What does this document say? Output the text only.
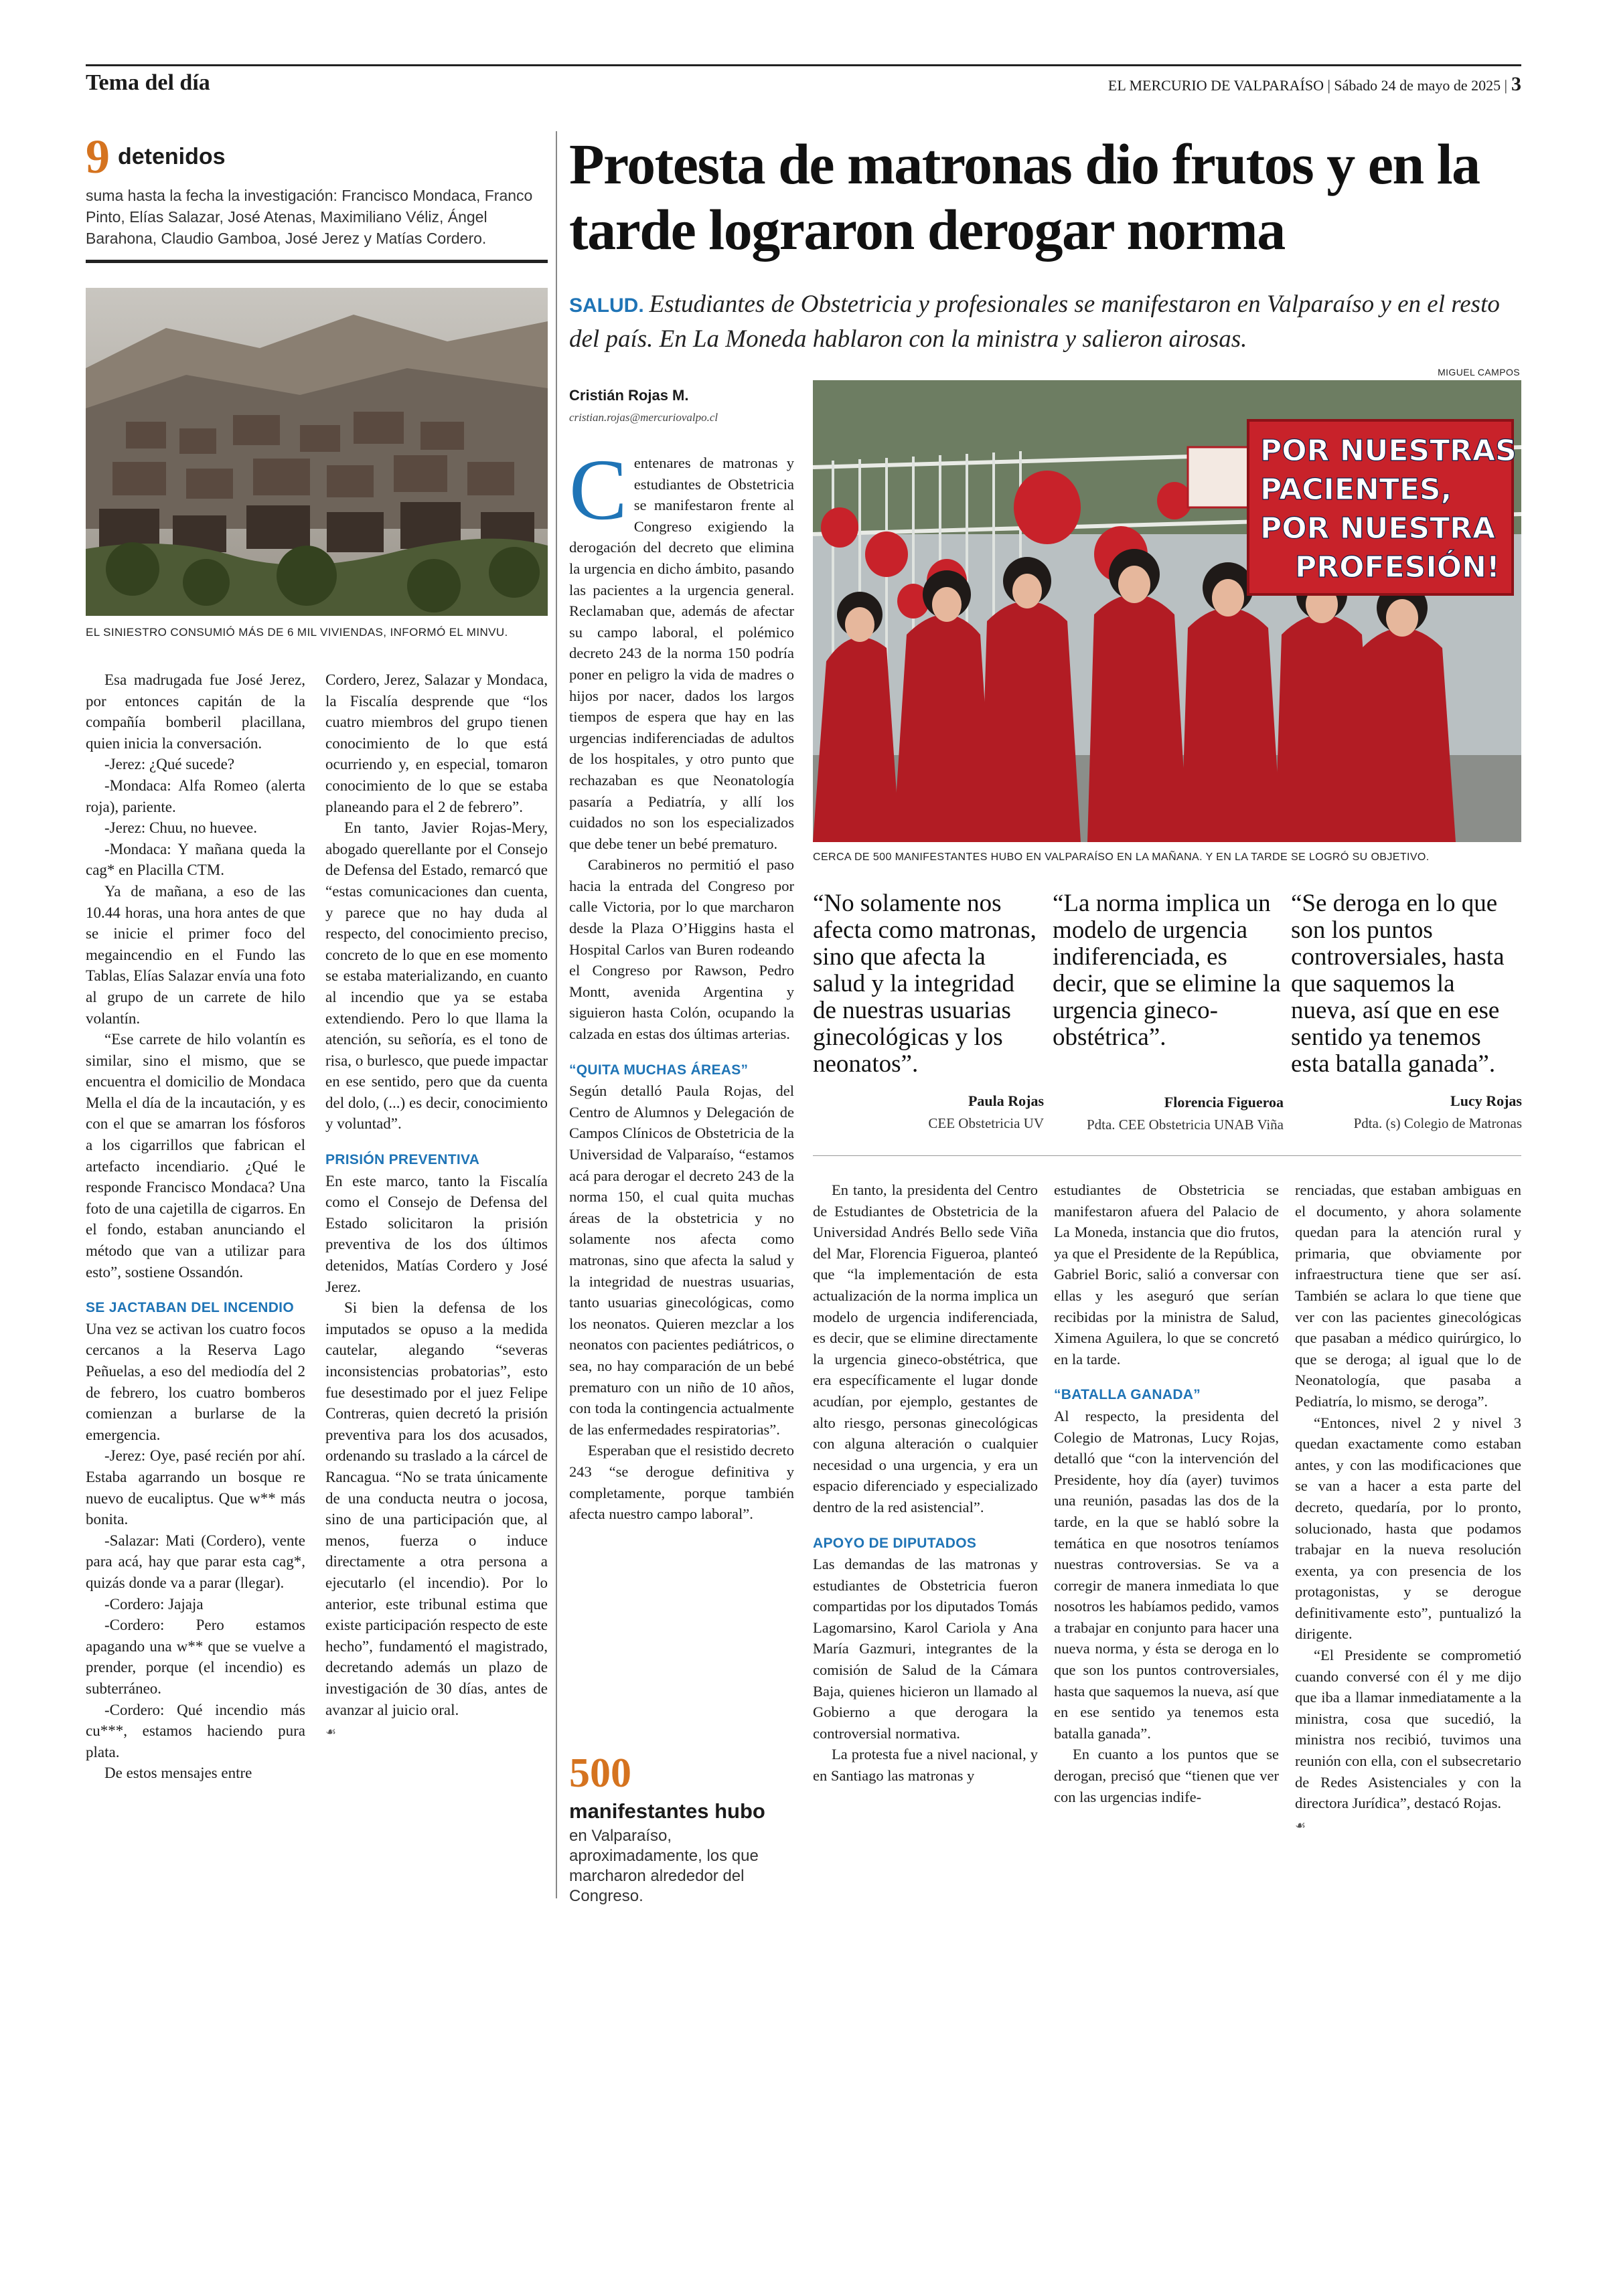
Tema del día	EL MERCURIO DE VALPARAÍSO | Sábado 24 de mayo de 2025 | 3
9 detenidos
suma hasta la fecha la investigación: Francisco Mondaca, Franco Pinto, Elías Salazar, José Atenas, Maximiliano Véliz, Ángel Barahona, Claudio Gamboa, José Jerez y Matías Cordero.
EL SINIESTRO CONSUMIÓ MÁS DE 6 MIL VIVIENDAS, INFORMÓ EL MINVU.

Esa madrugada fue José Jerez, por entonces capitán de la compañía bomberil placillana, quien inicia la conversación.

-Jerez: ¿Qué sucede?

-Mondaca: Alfa Romeo (alerta roja), pariente.

-Jerez: Chuu, no huevee.

-Mondaca: Y mañana queda la cag* en Placilla CTM.

Ya de mañana, a eso de las 10.44 horas, una hora antes de que se inicie el primer foco del megaincendio en el Fundo las Tablas, Elías Salazar envía una foto al grupo de un carrete de hilo volantín.

“Ese carrete de hilo volantín es similar, sino el mismo, que se encuentra el domicilio de Mondaca Mella el día de la incautación, y es con el que se amarran los fósforos a los cigarrillos que fabrican el artefacto incendiario. ¿Qué le responde Francisco Mondaca? Una foto de una cajetilla de cigarros. En el fondo, estaban anunciando el método que van a utilizar para esto”, sostiene Ossandón.

SE JACTABAN DEL INCENDIO

Una vez se activan los cuatro focos cercanos a la Reserva Lago Peñuelas, a eso del mediodía del 2 de febrero, los cuatro bomberos comienzan a burlarse de la emergencia.

-Jerez: Oye, pasé recién por ahí. Estaba agarrando un bosque re nuevo de eucaliptus. Que w** más bonita.

-Salazar: Mati (Cordero), vente para acá, hay que parar esta cag*, quizás donde va a parar (llegar).

-Cordero: Jajaja

-Cordero: Pero estamos apagando una w** que se vuelve a prender, porque (el incendio) es subterráneo.

-Cordero: Qué incendio más cu***, estamos haciendo pura plata.

De estos mensajes entre

Cordero, Jerez, Salazar y Mondaca, la Fiscalía desprende que “los cuatro miembros del grupo tienen conocimiento de lo que está ocurriendo y, en especial, tomaron conocimiento de lo que se estaba planeando para el 2 de febrero”.

En tanto, Javier Rojas-Mery, abogado querellante por el Consejo de Defensa del Estado, remarcó que “estas comunicaciones dan cuenta, y parece que no hay duda al respecto, del conocimiento preciso, concreto de lo que en ese momento se estaba materializando, en cuanto al incendio que ya se estaba extendiendo. Pero lo que llama la atención, su señoría, es el tono de risa, o burlesco, que puede impactar en ese sentido, pero que da cuenta del dolo, (...) es decir, conocimiento y voluntad”.

PRISIÓN PREVENTIVA

En este marco, tanto la Fiscalía como el Consejo de Defensa del Estado solicitaron la prisión preventiva de los dos últimos detenidos, Matías Cordero y José Jerez.

Si bien la defensa de los imputados se opuso a la medida cautelar, alegando “severas inconsistencias probatorias”, esto fue desestimado por el juez Felipe Contreras, quien decretó la prisión preventiva para los dos acusados, ordenando su traslado a la cárcel de Rancagua. “No se trata únicamente de una conducta neutra o jocosa, sino de una participación que, al menos, fuerza o induce directamente a otra persona a ejecutarlo (el incendio). Por lo anterior, este tribunal estima que existe participación respecto de este hecho”, fundamentó el magistrado, decretando además un plazo de investigación de 30 días, antes de avanzar al juicio oral.

☙
Protesta de matronas dio frutos y en la tarde lograron derogar norma
SALUD. Estudiantes de Obstetricia y profesionales se manifestaron en Valparaíso y en el resto del país. En La Moneda hablaron con la ministra y salieron airosas.
Cristián Rojas M.
cristian.rojas@mercuriovalpo.cl
MIGUEL CAMPOS
POR NUESTRAS
PACIENTES,
POR NUESTRA
PROFESIÓN!
CERCA DE 500 MANIFESTANTES HUBO EN VALPARAÍSO EN LA MAÑANA. Y EN LA TARDE SE LOGRÓ SU OBJETIVO.

Centenares de matronas y estudiantes de Obstetricia se manifestaron frente al Congreso exigiendo la derogación del decreto que elimina la urgencia en dicho ámbito, pasando las pacientes a la urgencia general. Reclamaban que, además de afectar su campo laboral, el polémico decreto 243 de la norma 150 podría poner en peligro la vida de madres o hijos por nacer, dados los largos tiempos de espera que hay en las urgencias indiferenciadas de adultos de los hospitales, y otro punto que rechazaban es que Neonatología pasaría a Pediatría, y allí los cuidados no son los especializados que debe tener un bebé prematuro.

Carabineros no permitió el paso hacia la entrada del Congreso por calle Victoria, por lo que marcharon desde la Plaza O’Higgins hasta el Hospital Carlos van Buren rodeando el Congreso por Rawson, Pedro Montt, avenida Argentina y siguieron hasta Colón, ocupando la calzada en estas dos últimas arterias.

“QUITA MUCHAS ÁREAS”

Según detalló Paula Rojas, del Centro de Alumnos y Delegación de Campos Clínicos de Obstetricia de la Universidad de Valparaíso, “estamos acá para derogar el decreto 243 de la norma 150, el cual quita muchas áreas de la obstetricia y no solamente nos afecta como matronas, sino que afecta la salud y la integridad de nuestras usuarias, tanto usuarias ginecológicas, como los neonatos. Quieren mezclar a los neonatos con pacientes pediátricos, o sea, no hay comparación de un bebé prematuro con un niño de 10 años, con toda la contingencia actualmente de las enfermedades respiratorias”.

Esperaban que el resistido decreto 243 “se derogue definitiva y completamente, porque también afecta nuestro campo laboral”.

“No solamente nos afecta como matronas, sino que afecta la salud y la integridad de nuestras usuarias ginecológicas y los neonatos”.
Paula Rojas
CEE Obstetricia UV
“La norma implica un modelo de urgencia indiferenciada, es decir, que se elimine la urgencia gineco-obstétrica”.
Florencia Figueroa
Pdta. CEE Obstetricia UNAB Viña
“Se deroga en lo que son los puntos controversiales, hasta que saquemos la nueva, así que en ese sentido ya tenemos esta batalla ganada”.
Lucy Rojas
Pdta. (s) Colegio de Matronas

En tanto, la presidenta del Centro de Estudiantes de Obstetricia de la Universidad Andrés Bello sede Viña del Mar, Florencia Figueroa, planteó que “la implementación de esta actualización de la norma implica un modelo de urgencia indiferenciada, es decir, que se elimine directamente la urgencia gineco-obstétrica, que era específicamente el lugar donde acudían, por ejemplo, gestantes de alto riesgo, personas ginecológicas con alguna alteración o cualquier necesidad o una urgencia, y era un espacio diferenciado y especializado dentro de la red asistencial”.

APOYO DE DIPUTADOS

Las demandas de las matronas y estudiantes de Obstetricia fueron compartidas por los diputados Tomás Lagomarsino, Karol Cariola y Ana María Gazmuri, integrantes de la comisión de Salud de la Cámara Baja, quienes hicieron un llamado al Gobierno a que derogara la controversial normativa.

La protesta fue a nivel nacional, y en Santiago las matronas y

estudiantes de Obstetricia se manifestaron afuera del Palacio de La Moneda, instancia que dio frutos, ya que el Presidente de la República, Gabriel Boric, salió a conversar con ellas y les aseguró que serían recibidas por la ministra de Salud, Ximena Aguilera, lo que se concretó en la tarde.

“BATALLA GANADA”

Al respecto, la presidenta del Colegio de Matronas, Lucy Rojas, detalló que “con la intervención del Presidente, hoy día (ayer) tuvimos una reunión, pasadas las dos de la tarde, en la que se habló sobre la temática en que nosotros teníamos nuestras controversias. Se va a corregir de manera inmediata lo que nosotros les habíamos pedido, vamos a trabajar en conjunto para hacer una nueva norma, y ésta se deroga en lo que son los puntos controversiales, hasta que saquemos la nueva, así que en ese sentido ya tenemos esta batalla ganada”.

En cuanto a los puntos que se derogan, precisó que “tienen que ver con las urgencias indife-

renciadas, que estaban ambiguas en el documento, y ahora solamente quedan para la atención rural y primaria, que obviamente por infraestructura tiene que ser así. También se aclara lo que tiene que ver con las pacientes ginecológicas que pasaban a médico quirúrgico, lo que se deroga; al igual que lo de Neonatología, que pasaba a Pediatría, lo mismo, se deroga”.

“Entonces, nivel 2 y nivel 3 quedan exactamente como estaban antes, y con las modificaciones que se van a hacer a esta parte del decreto, quedaría, por lo pronto, solucionado, hasta que podamos trabajar en la nueva resolución exenta, ya con presencia de los protagonistas, y se derogue definitivamente esto”, puntualizó la dirigente.

“El Presidente se comprometió cuando conversé con él y me dijo que iba a llamar inmediatamente a la ministra, cosa que sucedió, la ministra nos recibió, tuvimos una reunión con ella, con el subsecretario de Redes Asistenciales y con la directora Jurídica”, destacó Rojas.

☙
500
manifestantes hubo
en Valparaíso, aproximadamente, los que marcharon alrededor del Congreso.
